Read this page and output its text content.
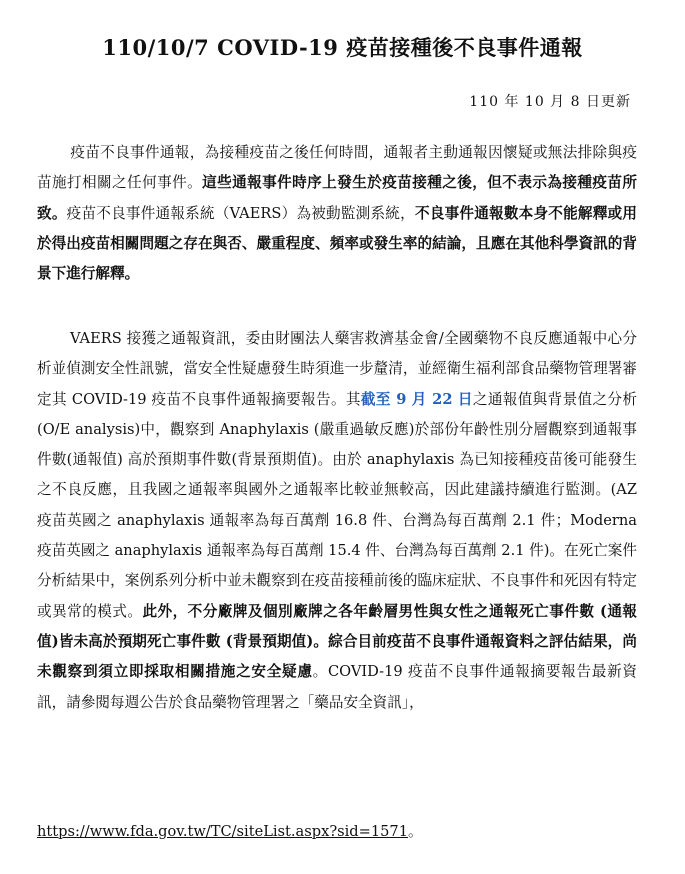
110/10/7 COVID-19 疫苗接種後不良事件通報
110 年 10 月 8 日更新

疫苗不良事件通報，為接種疫苗之後任何時間，通報者主動通報因懷疑或無法排除與疫苗施打相關之任何事件。這些通報事件時序上發生於疫苗接種之後，但不表示為接種疫苗所致。疫苗不良事件通報系統（VAERS）為被動監測系統，不良事件通報數本身不能解釋或用於得出疫苗相關問題之存在與否、嚴重程度、頻率或發生率的結論，且應在其他科學資訊的背景下進行解釋。

VAERS 接獲之通報資訊，委由財團法人藥害救濟基金會/全國藥物不良反應通報中心分析並偵測安全性訊號，當安全性疑慮發生時須進一步釐清，並經衛生福利部食品藥物管理署審定其 COVID-19 疫苗不良事件通報摘要報告。其截至 9 月 22 日之通報值與背景值之分析(O/E analysis)中，觀察到 Anaphylaxis (嚴重過敏反應)於部份年齡性別分層觀察到通報事件數(通報值) 高於預期事件數(背景預期值)。由於 anaphylaxis 為已知接種疫苗後可能發生之不良反應，且我國之通報率與國外之通報率比較並無較高，因此建議持續進行監測。(AZ 疫苗英國之 anaphylaxis 通報率為每百萬劑 16.8 件、台灣為每百萬劑 2.1 件；Moderna 疫苗英國之 anaphylaxis 通報率為每百萬劑 15.4 件、台灣為每百萬劑 2.1 件)。在死亡案件分析結果中，案例系列分析中並未觀察到在疫苗接種前後的臨床症狀、不良事件和死因有特定或異常的模式。此外，不分廠牌及個別廠牌之各年齡層男性與女性之通報死亡事件數 (通報值)皆未高於預期死亡事件數 (背景預期值)。綜合目前疫苗不良事件通報資料之評估結果，尚未觀察到須立即採取相關措施之安全疑慮。COVID-19 疫苗不良事件通報摘要報告最新資訊，請參閱每週公告於食品藥物管理署之「藥品安全資訊」，

https://www.fda.gov.tw/TC/siteList.aspx?sid=1571。
